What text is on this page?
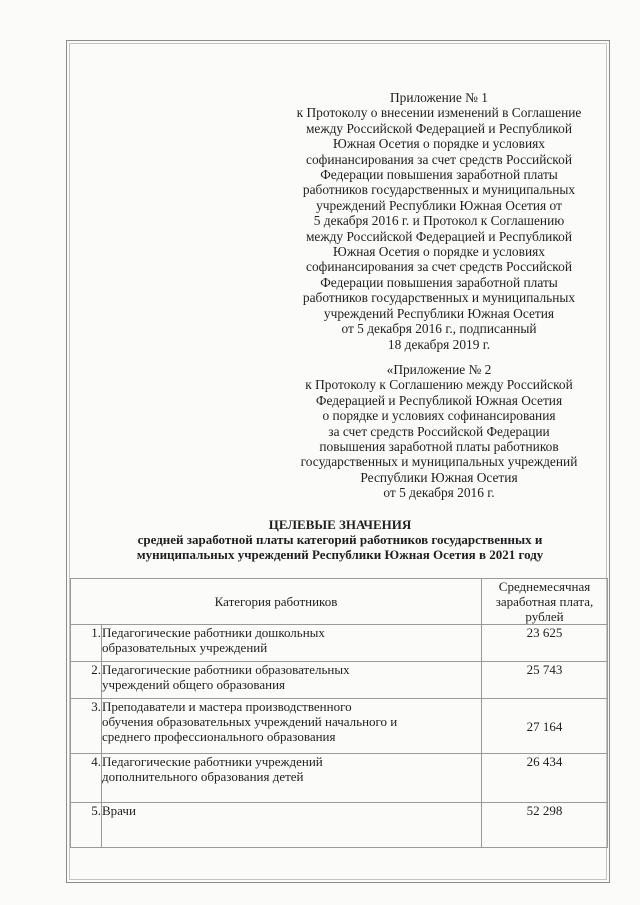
Приложение № 1
к Протоколу о внесении изменений в Соглашение
между Российской Федерацией и Республикой
Южная Осетия о порядке и условиях
софинансирования за счет средств Российской
Федерации повышения заработной платы
работников государственных и муниципальных
учреждений Республики Южная Осетия от
5 декабря 2016 г. и Протокол к Соглашению
между Российской Федерацией и Республикой
Южная Осетия о порядке и условиях
софинансирования за счет средств Российской
Федерации повышения заработной платы
работников государственных и муниципальных
учреждений Республики Южная Осетия
от 5 декабря 2016 г., подписанный
18 декабря 2019 г.
«Приложение № 2
к Протоколу к Соглашению между Российской
Федерацией и Республикой Южная Осетия
о порядке и условиях софинансирования
за счет средств Российской Федерации
повышения заработной платы работников
государственных и муниципальных учреждений
Республики Южная Осетия
от 5 декабря 2016 г.
ЦЕЛЕВЫЕ ЗНАЧЕНИЯ
средней заработной платы категорий работников государственных и
муниципальных учреждений Республики Южная Осетия в 2021 году
Категория работников		Среднемесячная заработная плата, рублей
1.	Педагогические работники дошкольных
образовательных учреждений	23 625
2.	Педагогические работники образовательных
учреждений общего образования	25 743
3.	Преподаватели и мастера производственного
обучения образовательных учреждений начального и
среднего профессионального образования	27 164
4.	Педагогические работники учреждений
дополнительного образования детей	26 434
5.	Врачи	52 298
